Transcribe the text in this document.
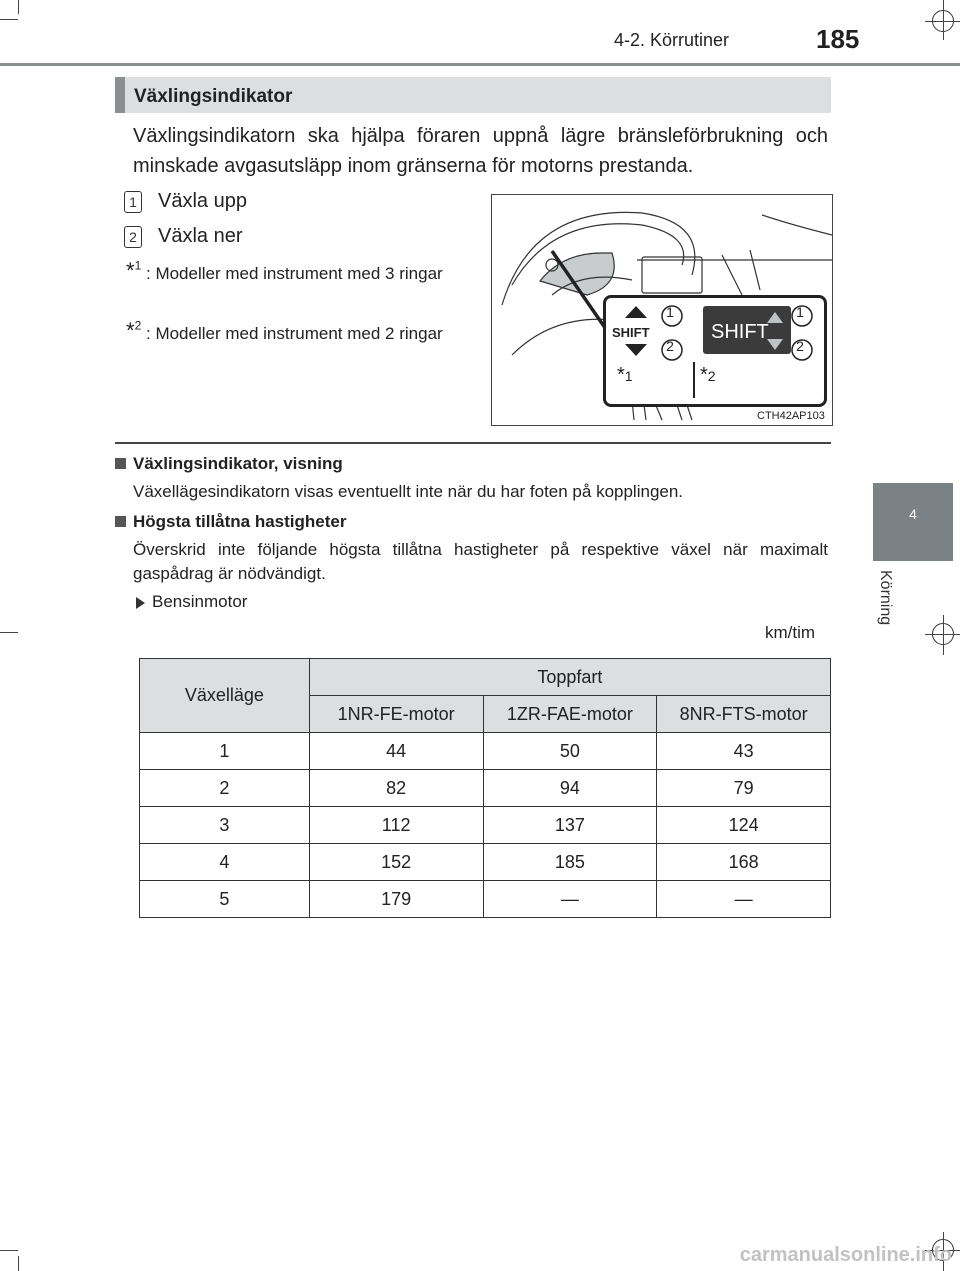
4-2. Körrutiner	185
4
Körning
Växlingsindikator
Växlingsindikatorn ska hjälpa föraren uppnå lägre bränsleförbrukning och minskade avgasutsläpp inom gränserna för motorns prestanda.
1 Växla upp
2 Växla ner
*$^1$ : Modeller med instrument med 3 ringar
*$^2$ : Modeller med instrument med 2 ringar	SHIFT	SHIFT
1
2
1
2
*1	*2
CTH42AP103
Växlingsindikator, visning
Växellägesindikatorn visas eventuellt inte när du har foten på kopplingen.
Högsta tillåtna hastigheter
Överskrid inte följande högsta tillåtna hastigheter på respektive växel när maximalt gaspådrag är nödvändigt.
Bensinmotor
km/tim
Växelläge	Toppfart		
	1NR-FE-motor	1ZR-FAE-motor	8NR-FTS-motor
1	44	50	43
2	82	94	79
3	112	137	124
4	152	185	168
5	179	—	—
carmanualsonline.info
